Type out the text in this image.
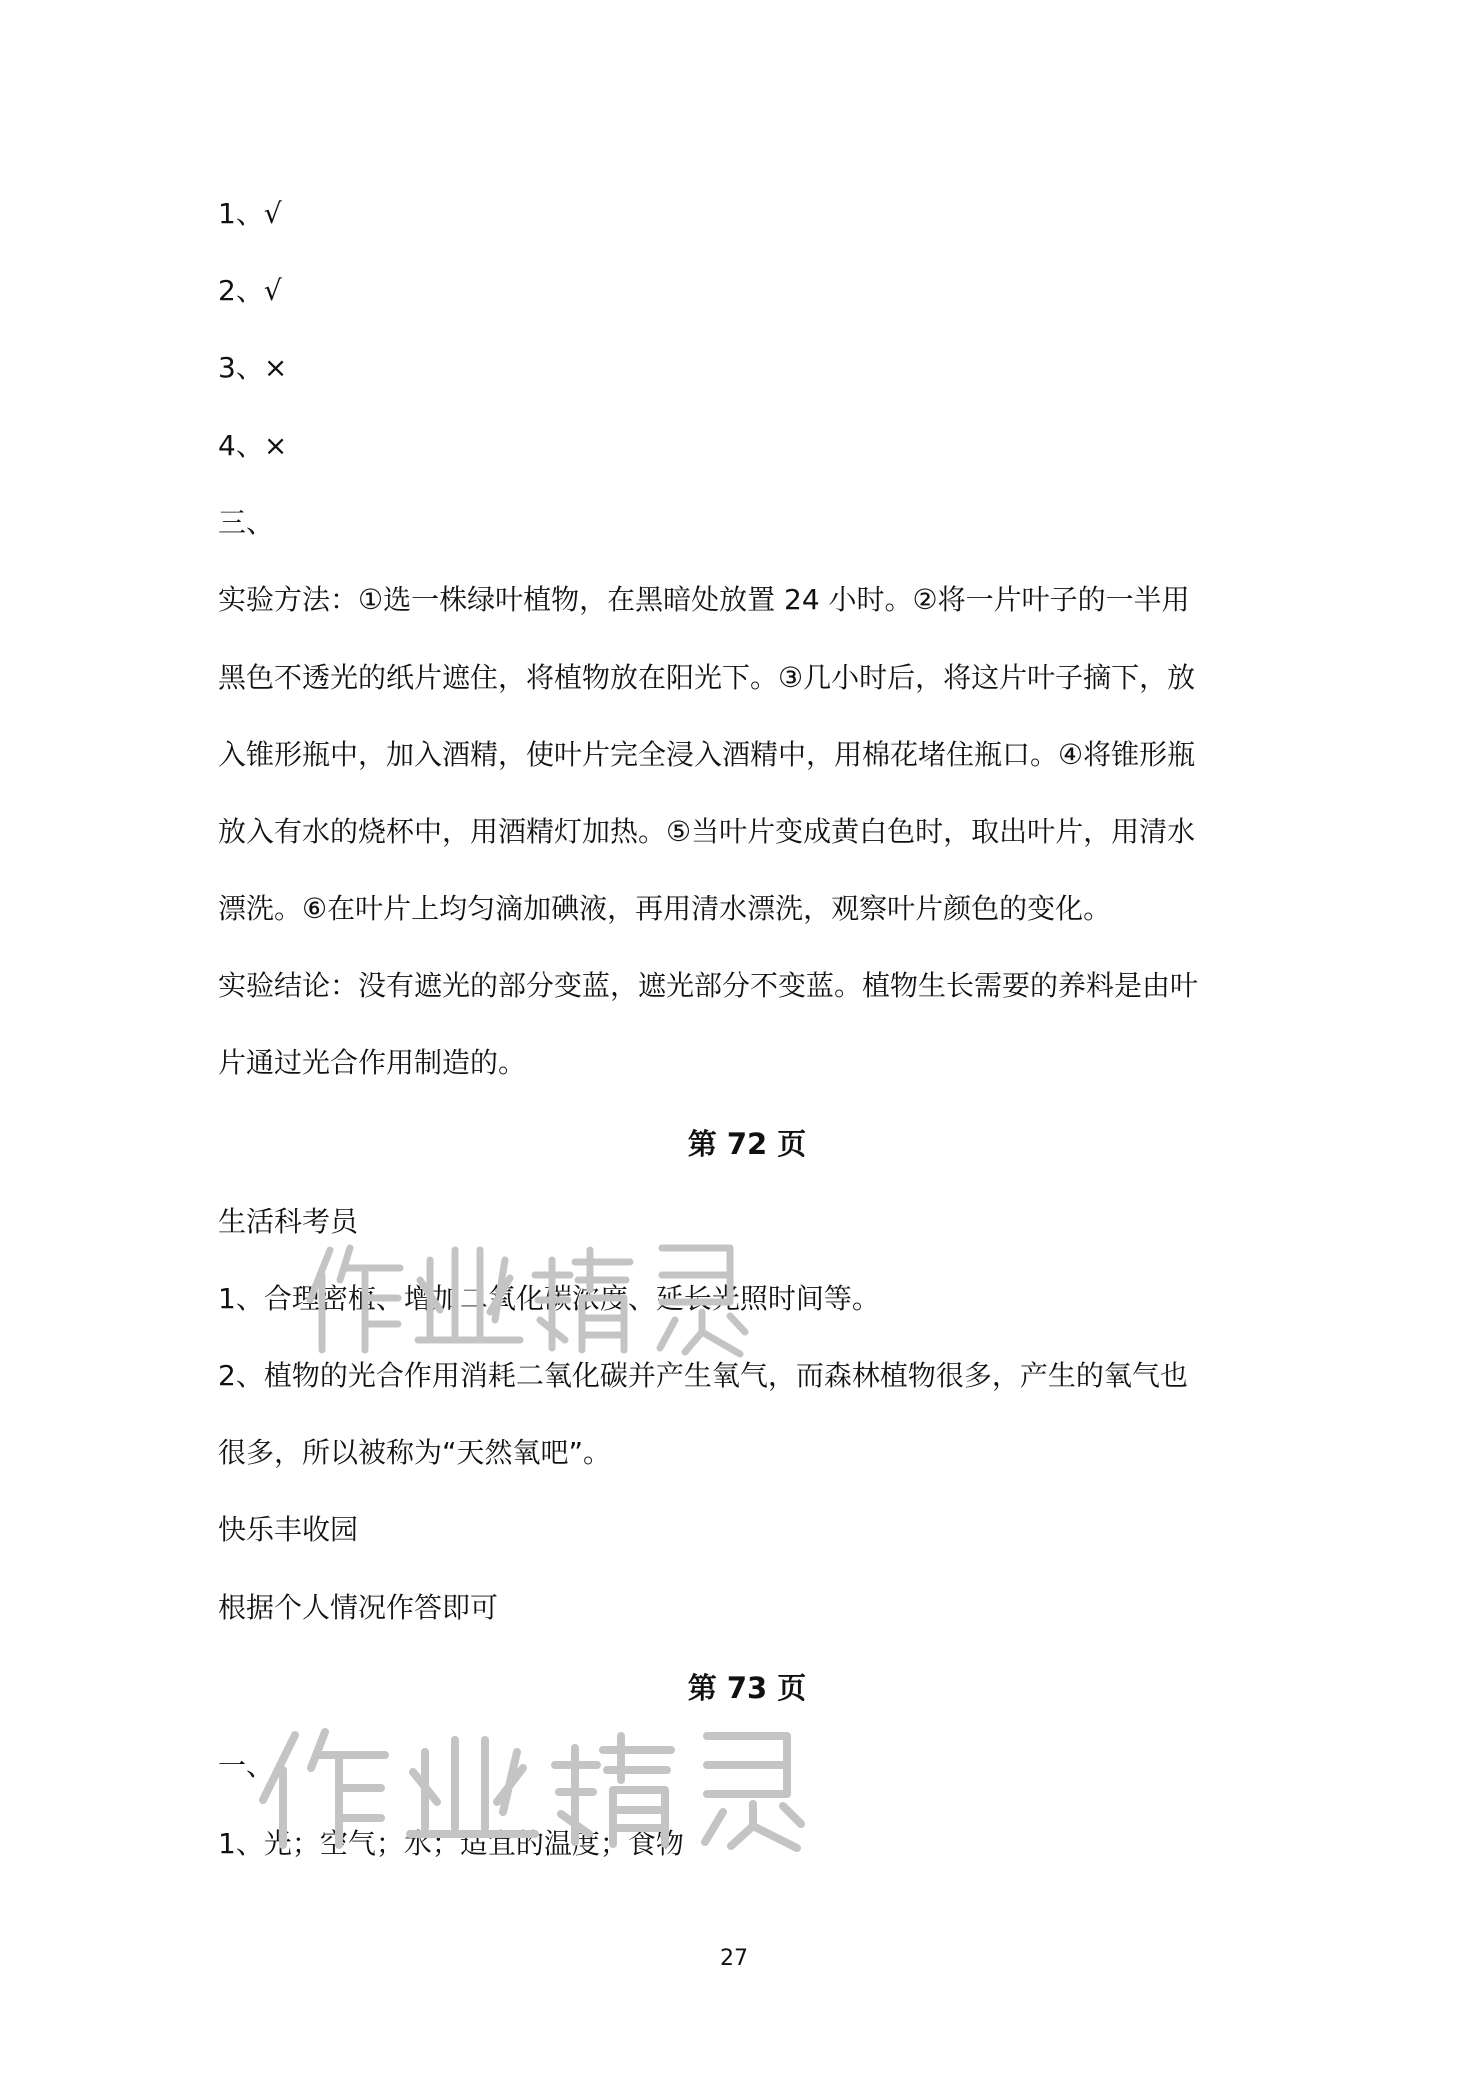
1、√
2、√
3、×
4、×
三、
实验方法：①选一株绿叶植物，在黑暗处放置 24 小时。②将一片叶子的一半用
黑色不透光的纸片遮住，将植物放在阳光下。③几小时后，将这片叶子摘下，放
入锥形瓶中，加入酒精，使叶片完全浸入酒精中，用棉花堵住瓶口。④将锥形瓶
放入有水的烧杯中，用酒精灯加热。⑤当叶片变成黄白色时，取出叶片，用清水
漂洗。⑥在叶片上均匀滴加碘液，再用清水漂洗，观察叶片颜色的变化。
实验结论：没有遮光的部分变蓝，遮光部分不变蓝。植物生长需要的养料是由叶
片通过光合作用制造的。
第 72 页
生活科考员
1、合理密植、增加二氧化碳浓度、延长光照时间等。
2、植物的光合作用消耗二氧化碳并产生氧气，而森林植物很多，产生的氧气也
很多，所以被称为“天然氧吧”。
快乐丰收园
根据个人情况作答即可
第 73 页
一、
1、光；空气；水；适宜的温度；食物
27
